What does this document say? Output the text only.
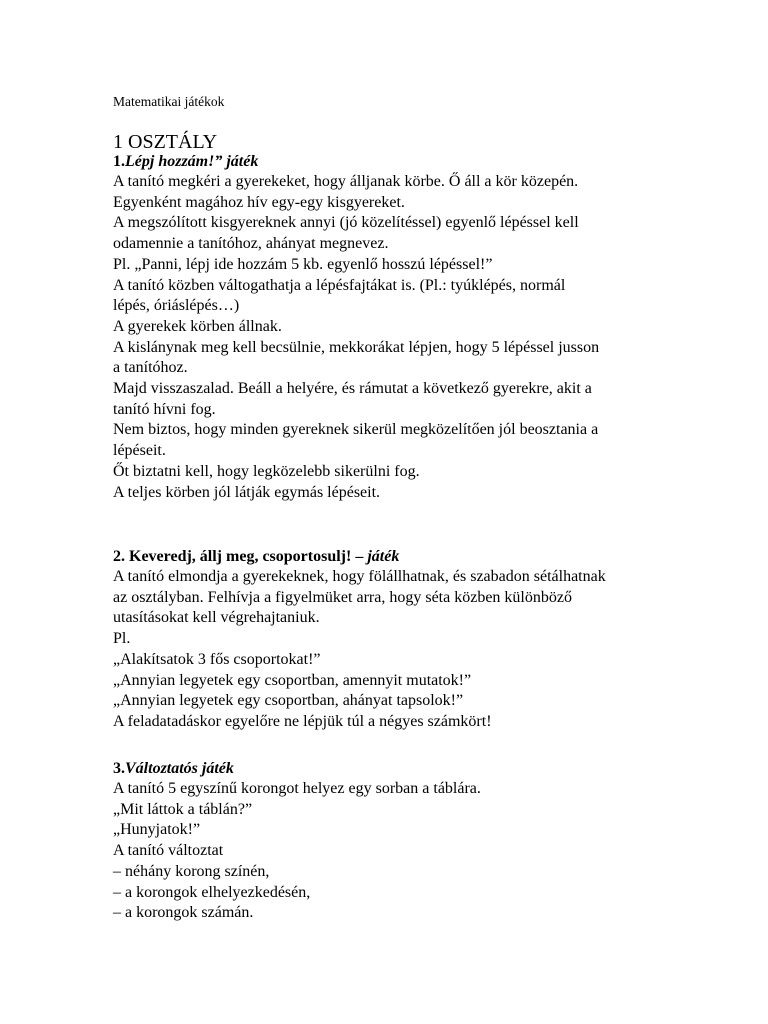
Matematikai játékok
1 OSZTÁLY
1.Lépj hozzám!” játék
A tanító megkéri a gyerekeket, hogy álljanak körbe. Ő áll a kör közepén.
Egyenként magához hív egy-egy kisgyereket.
A megszólított kisgyereknek annyi (jó közelítéssel) egyenlő lépéssel kell
odamennie a tanítóhoz, ahányat megnevez.
Pl. „Panni, lépj ide hozzám 5 kb. egyenlő hosszú lépéssel!”
A tanító közben váltogathatja a lépésfajtákat is. (Pl.: tyúklépés, normál
lépés, óriáslépés…)
A gyerekek körben állnak.
A kislánynak meg kell becsülnie, mekkorákat lépjen, hogy 5 lépéssel jusson
a tanítóhoz.
Majd visszaszalad. Beáll a helyére, és rámutat a következő gyerekre, akit a
tanító hívni fog.
Nem biztos, hogy minden gyereknek sikerül megközelítően jól beosztania a
lépéseit.
Őt biztatni kell, hogy legközelebb sikerülni fog.
A teljes körben jól látják egymás lépéseit.
2. Keveredj, állj meg, csoportosulj! – játék
A tanító elmondja a gyerekeknek, hogy fölállhatnak, és szabadon sétálhatnak
az osztályban. Felhívja a figyelmüket arra, hogy séta közben különböző
utasításokat kell végrehajtaniuk.
Pl.
„Alakítsatok 3 fős csoportokat!”
„Annyian legyetek egy csoportban, amennyit mutatok!”
„Annyian legyetek egy csoportban, ahányat tapsolok!”
A feladatadáskor egyelőre ne lépjük túl a négyes számkört!
3.Változtatós játék
A tanító 5 egyszínű korongot helyez egy sorban a táblára.
„Mit láttok a táblán?”
„Hunyjatok!”
A tanító változtat
– néhány korong színén,
– a korongok elhelyezkedésén,
– a korongok számán.
